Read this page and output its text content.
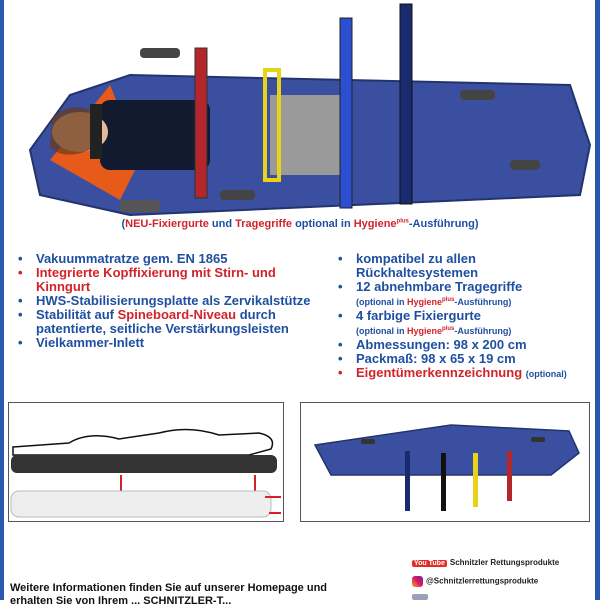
(NEU-Fixiergurte und Tragegriffe optional in Hygiene$^{plus}$-Ausführung)
• Vakuummatratze gem. EN 1865
• Integrierte Kopffixierung mit Stirn- und Kinngurt
• HWS-Stabilisierungsplatte als Zervikalstütze
• Stabilität auf Spineboard-Niveau durch patentierte, seitliche Verstärkungsleisten
• Vielkammer-Inlett
• kompatibel zu allen Rückhaltesystemen
• 12 abnehmbare Tragegriffe
(optional in Hygiene$^{plus}$-Ausführung)
• 4 farbige Fixiergurte
(optional in Hygiene$^{plus}$-Ausführung)
• Abmessungen: 98 x 200 cm
• Packmaß: 98 x 65 x 19 cm
• Eigentümerkennzeichnung (optional)
You Tube Schnitzler Rettungsprodukte
@Schnitzlerrettungsprodukte
Weitere Informationen finden Sie auf unserer Homepage und
erhalten Sie von Ihrem ... SCHNITZLER-T...
